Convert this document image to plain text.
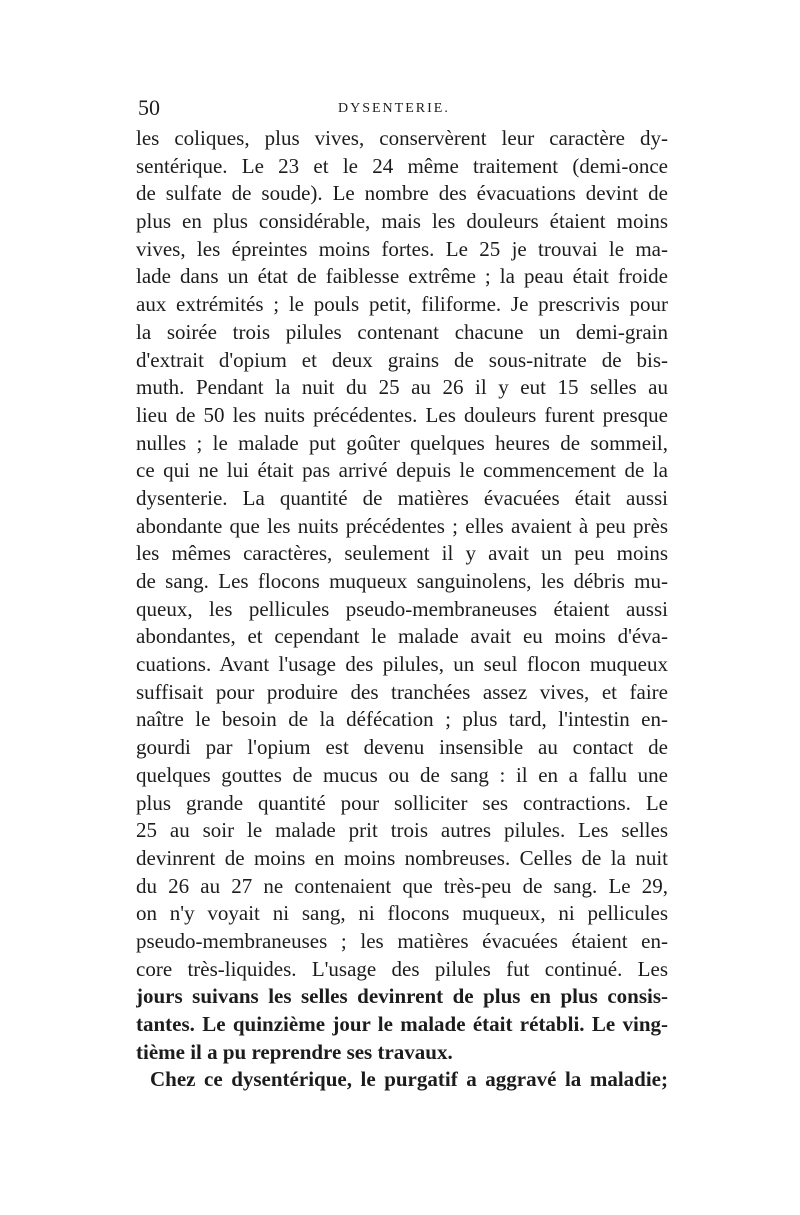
50	DYSENTERIE.
les coliques, plus vives, conservèrent leur caractère dy-
sentérique. Le 23 et le 24 même traitement (demi-once
de sulfate de soude). Le nombre des évacuations devint de
plus en plus considérable, mais les douleurs étaient moins
vives, les épreintes moins fortes. Le 25 je trouvai le ma-
lade dans un état de faiblesse extrême ; la peau était froide
aux extrémités ; le pouls petit, filiforme. Je prescrivis pour
la soirée trois pilules contenant chacune un demi-grain
d'extrait d'opium et deux grains de sous-nitrate de bis-
muth. Pendant la nuit du 25 au 26 il y eut 15 selles au
lieu de 50 les nuits précédentes. Les douleurs furent presque
nulles ; le malade put goûter quelques heures de sommeil,
ce qui ne lui était pas arrivé depuis le commencement de la
dysenterie. La quantité de matières évacuées était aussi
abondante que les nuits précédentes ; elles avaient à peu près
les mêmes caractères, seulement il y avait un peu moins
de sang. Les flocons muqueux sanguinolens, les débris mu-
queux, les pellicules pseudo-membraneuses étaient aussi
abondantes, et cependant le malade avait eu moins d'éva-
cuations. Avant l'usage des pilules, un seul flocon muqueux
suffisait pour produire des tranchées assez vives, et faire
naître le besoin de la défécation ; plus tard, l'intestin en-
gourdi par l'opium est devenu insensible au contact de
quelques gouttes de mucus ou de sang : il en a fallu une
plus grande quantité pour solliciter ses contractions. Le
25 au soir le malade prit trois autres pilules. Les selles
devinrent de moins en moins nombreuses. Celles de la nuit
du 26 au 27 ne contenaient que très-peu de sang. Le 29,
on n'y voyait ni sang, ni flocons muqueux, ni pellicules
pseudo-membraneuses ; les matières évacuées étaient en-
core très-liquides. L'usage des pilules fut continué. Les
jours suivans les selles devinrent de plus en plus consis-
tantes. Le quinzième jour le malade était rétabli. Le ving-
tième il a pu reprendre ses travaux.
Chez ce dysentérique, le purgatif a aggravé la maladie;
